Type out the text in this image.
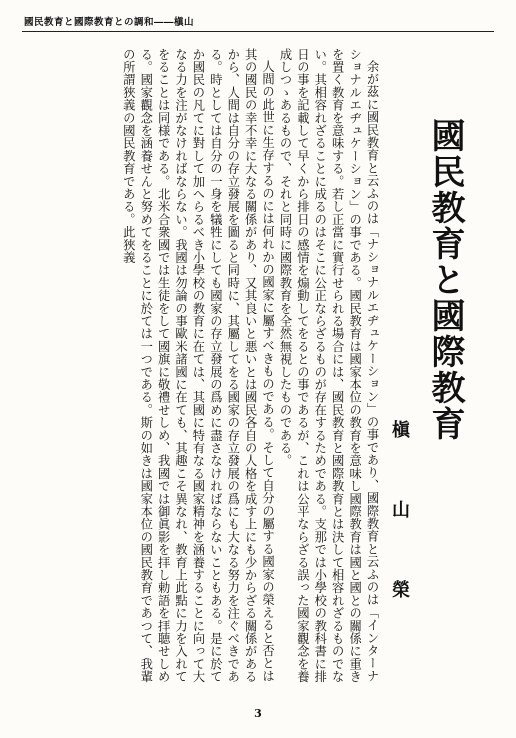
國民教育と國際教育との調和――槇山
國民教育と國際教育
槇　山　榮　

余が茲に國民教育と云ふのは「ナショナルエヂュケーション」の事であり、國際教育と云ふのは「インターナショナルエヂュケーション」の事である。國民教育は國家本位の教育を意味し國際教育は國と國との關係に重きを置く教育を意味する。若し正當に實行せられる場合には、國民教育と國際教育とは決して相容れざるものでない。其相容れざることに成るのはそこに公正ならざるものが存在するためである。支那では小學校の教科書に排日の事を記載して早くから排日の感情を煽動してをるとの事であるが、これは公平ならざる誤った國家觀念を養成しつゝあるもので、それと同時に國際教育を全然無視したものである。

人間の此世に生存するのには何れかの國家に屬すべきものである。そして自分の屬する國家の榮えると否とは其の國民の幸不幸に大なる關係があり、又其良いと悪いとは國民各自の人格を成す上にも少からざる關係があるから、人間は自分の存立發展を圖ると同時に、其屬してをる國家の存立發展の爲にも大なる努力を注ぐべきである。時としては自分の一身を犠牲にしても國家の存立發展の爲めに盡さなければならないこともある。是に於てか國民の凡てに對して加へらるべき小學校の教育に在ては、其國に特有なる國家精神を涵養することに向って大なる力を注がなければならない。我國は勿論の事歐米諸國に在ても、其趣こそ異なれ、教育上此點に力を入れてをることは同様である。北米合衆國では生徒をして國旗に敬禮せしめ、我國では御眞影を拝し勅語を拝聴せしめる。國家觀念を涵養せんと努めてをることに於ては一つである。斯の如きは國家本位の國民教育であつて、我輩の所謂狹義の國民教育である。此狹義

3
